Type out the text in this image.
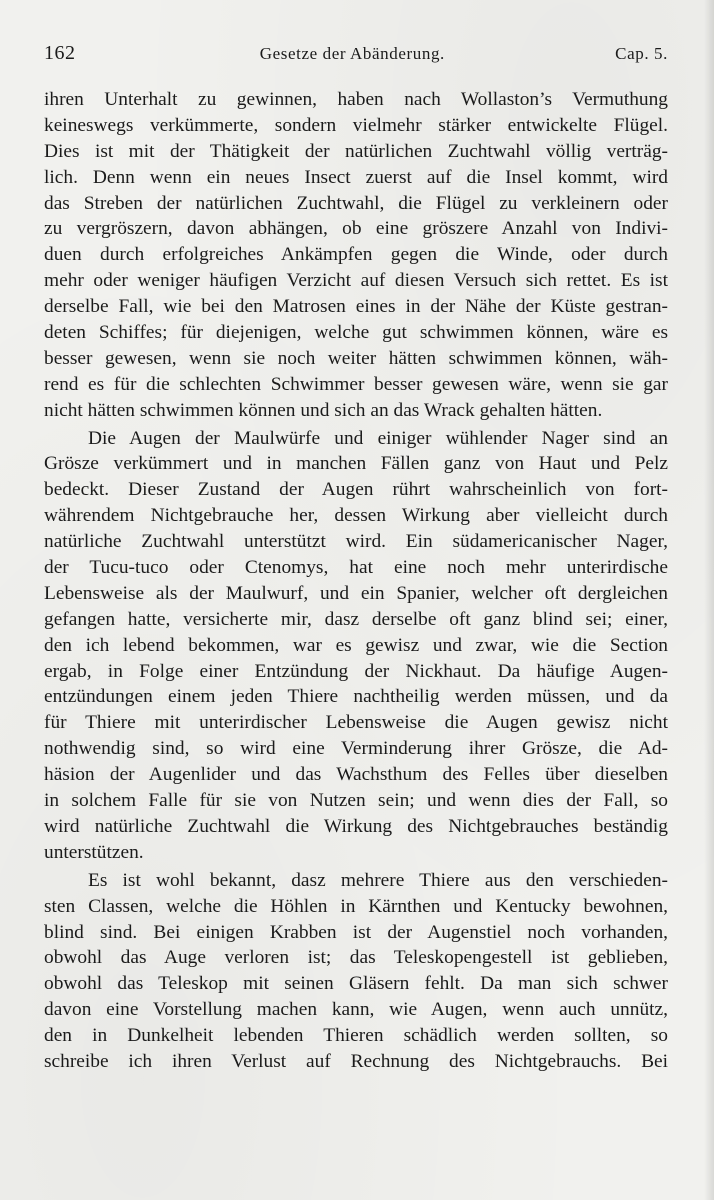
162	Gesetze der Abänderung.	Cap. 5.
ihren Unterhalt zu gewinnen, haben nach Wollaston’s Vermuthung
keineswegs verkümmerte, sondern vielmehr stärker entwickelte Flügel.
Dies ist mit der Thätigkeit der natürlichen Zuchtwahl völlig verträg-
lich. Denn wenn ein neues Insect zuerst auf die Insel kommt, wird
das Streben der natürlichen Zuchtwahl, die Flügel zu verkleinern oder
zu vergröszern, davon abhängen, ob eine gröszere Anzahl von Indivi-
duen durch erfolgreiches Ankämpfen gegen die Winde, oder durch
mehr oder weniger häufigen Verzicht auf diesen Versuch sich rettet. Es ist
derselbe Fall, wie bei den Matrosen eines in der Nähe der Küste gestran-
deten Schiffes; für diejenigen, welche gut schwimmen können, wäre es
besser gewesen, wenn sie noch weiter hätten schwimmen können, wäh-
rend es für die schlechten Schwimmer besser gewesen wäre, wenn sie gar
nicht hätten schwimmen können und sich an das Wrack gehalten hätten.
Die Augen der Maulwürfe und einiger wühlender Nager sind an
Grösze verkümmert und in manchen Fällen ganz von Haut und Pelz
bedeckt. Dieser Zustand der Augen rührt wahrscheinlich von fort-
währendem Nichtgebrauche her, dessen Wirkung aber vielleicht durch
natürliche Zuchtwahl unterstützt wird. Ein südamericanischer Nager,
der Tucu-tuco oder Ctenomys, hat eine noch mehr unterirdische
Lebensweise als der Maulwurf, und ein Spanier, welcher oft dergleichen
gefangen hatte, versicherte mir, dasz derselbe oft ganz blind sei; einer,
den ich lebend bekommen, war es gewisz und zwar, wie die Section
ergab, in Folge einer Entzündung der Nickhaut. Da häufige Augen-
entzündungen einem jeden Thiere nachtheilig werden müssen, und da
für Thiere mit unterirdischer Lebensweise die Augen gewisz nicht
nothwendig sind, so wird eine Verminderung ihrer Grösze, die Ad-
häsion der Augenlider und das Wachsthum des Felles über dieselben
in solchem Falle für sie von Nutzen sein; und wenn dies der Fall, so
wird natürliche Zuchtwahl die Wirkung des Nichtgebrauches beständig
unterstützen.
Es ist wohl bekannt, dasz mehrere Thiere aus den verschieden-
sten Classen, welche die Höhlen in Kärnthen und Kentucky bewohnen,
blind sind. Bei einigen Krabben ist der Augenstiel noch vorhanden,
obwohl das Auge verloren ist; das Teleskopengestell ist geblieben,
obwohl das Teleskop mit seinen Gläsern fehlt. Da man sich schwer
davon eine Vorstellung machen kann, wie Augen, wenn auch unnütz,
den in Dunkelheit lebenden Thieren schädlich werden sollten, so
schreibe ich ihren Verlust auf Rechnung des Nichtgebrauchs. Bei
